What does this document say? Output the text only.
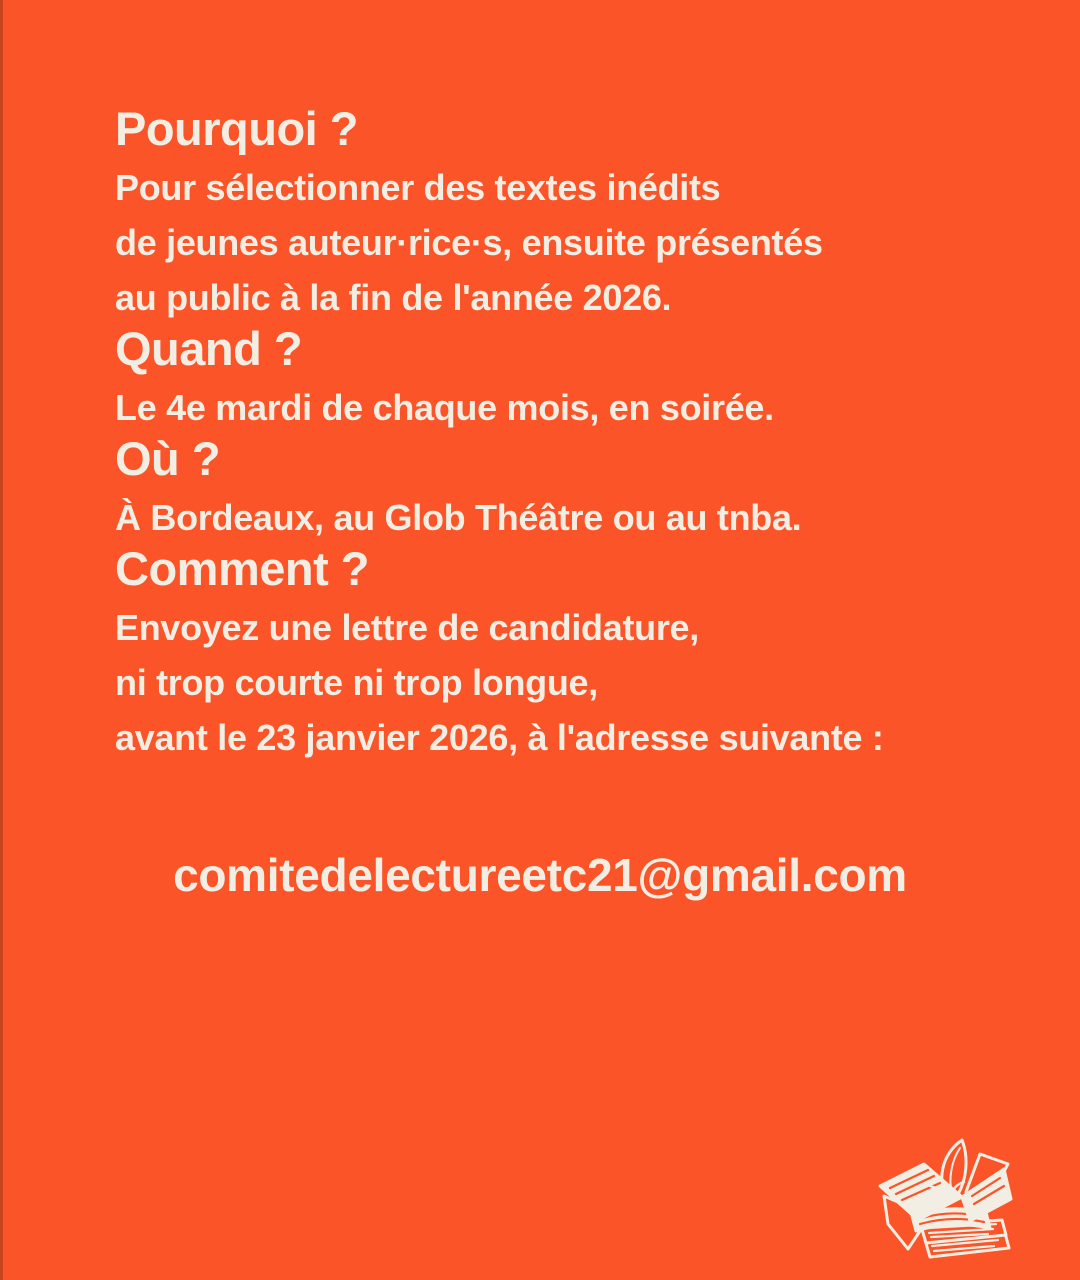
Pourquoi ?

Pour sélectionner des textes inédits
de jeunes auteur·rice·s, ensuite présentés
au public à la fin de l'année 2026.

Quand ?

Le 4e mardi de chaque mois, en soirée.

Où ?

À Bordeaux, au Glob Théâtre ou au tnba.

Comment ?

Envoyez une lettre de candidature,
ni trop courte ni trop longue,
avant le 23 janvier 2026, à l'adresse suivante :

comitedelectureetc21@gmail.com
